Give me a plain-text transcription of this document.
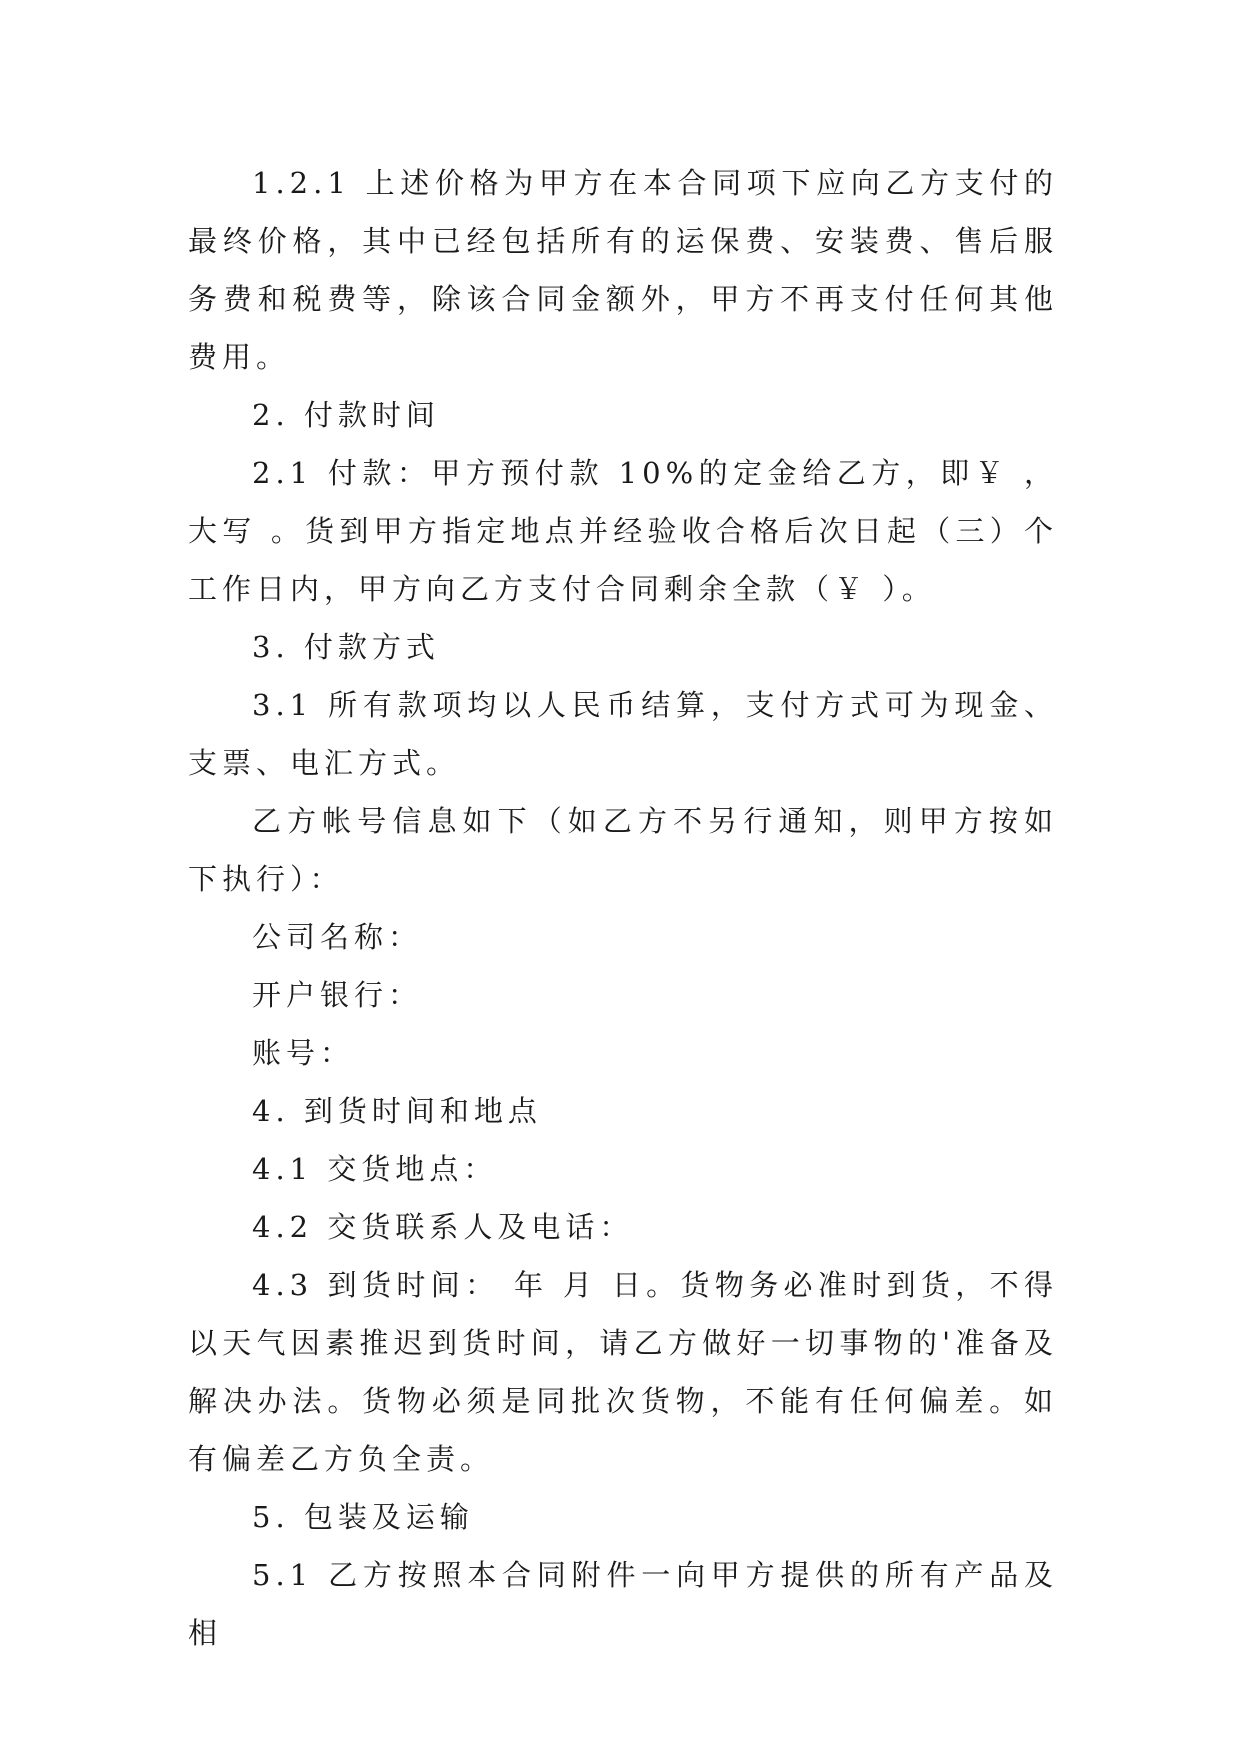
1.2.1 上述价格为甲方在本合同项下应向乙方支付的最终价格，其中已经包括所有的运保费、安装费、售后服务费和税费等，除该合同金额外，甲方不再支付任何其他费用。

2. 付款时间

2.1 付款：甲方预付款 10%的定金给乙方，即￥ ，大写 。货到甲方指定地点并经验收合格后次日起（三）个工作日内，甲方向乙方支付合同剩余全款（￥ ）。

3. 付款方式

3.1 所有款项均以人民币结算，支付方式可为现金、支票、电汇方式。

乙方帐号信息如下（如乙方不另行通知，则甲方按如下执行）：

公司名称：

开户银行：

账号：

4. 到货时间和地点

4.1 交货地点：

4.2 交货联系人及电话：

4.3 到货时间： 年 月 日。货物务必准时到货，不得以天气因素推迟到货时间，请乙方做好一切事物的'准备及解决办法。货物必须是同批次货物，不能有任何偏差。如有偏差乙方负全责。

5. 包装及运输

5.1 乙方按照本合同附件一向甲方提供的所有产品及相
